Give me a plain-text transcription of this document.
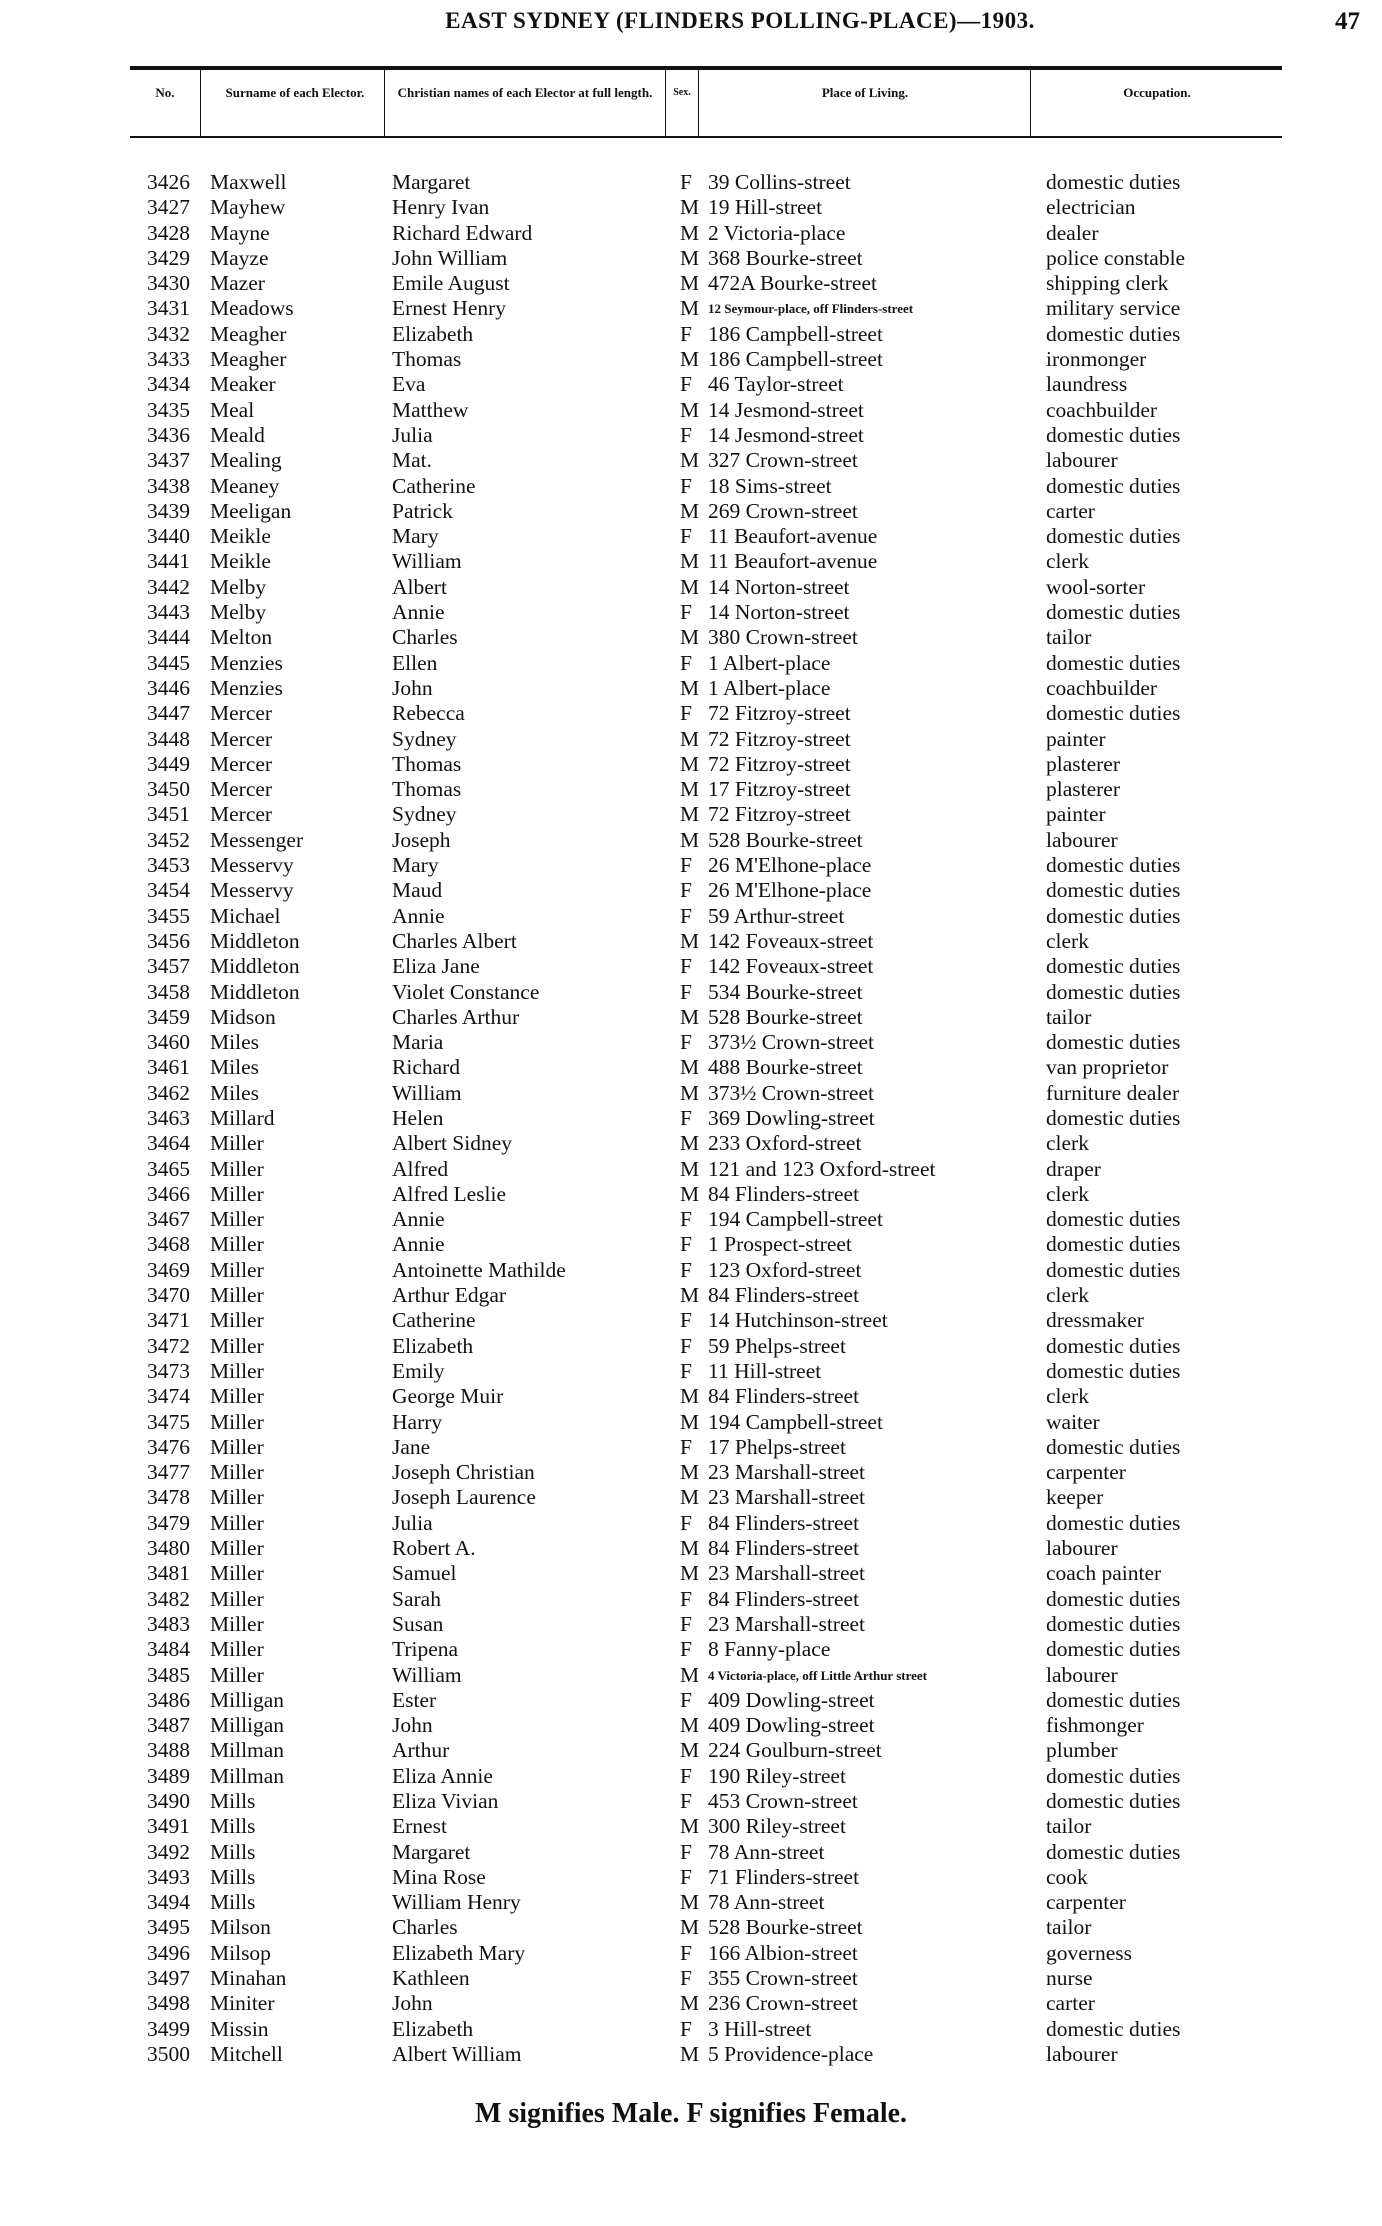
EAST SYDNEY (FLINDERS POLLING-PLACE)—1903.	47
No.	Surname of each Elector.	Christian names of each Elector at full length.	Sex.	Place of Living.	Occupation.
3426 Maxwell	Margaret	F 39 Collins-street	domestic duties
3427 Mayhew	Henry Ivan	M 19 Hill-street	electrician
3428 Mayne	Richard Edward	M 2 Victoria-place	dealer
3429 Mayze	John William	M 368 Bourke-street	police constable
3430 Mazer	Emile August	M 472A Bourke-street	shipping clerk
3431 Meadows	Ernest Henry	M 12 Seymour-place, off Flinders-street	military service
3432 Meagher	Elizabeth	F 186 Campbell-street	domestic duties
3433 Meagher	Thomas	M 186 Campbell-street	ironmonger
3434 Meaker	Eva	F 46 Taylor-street	laundress
3435 Meal	Matthew	M 14 Jesmond-street	coachbuilder
3436 Meald	Julia	F 14 Jesmond-street	domestic duties
3437 Mealing	Mat.	M 327 Crown-street	labourer
3438 Meaney	Catherine	F 18 Sims-street	domestic duties
3439 Meeligan	Patrick	M 269 Crown-street	carter
3440 Meikle	Mary	F 11 Beaufort-avenue	domestic duties
3441 Meikle	William	M 11 Beaufort-avenue	clerk
3442 Melby	Albert	M 14 Norton-street	wool-sorter
3443 Melby	Annie	F 14 Norton-street	domestic duties
3444 Melton	Charles	M 380 Crown-street	tailor
3445 Menzies	Ellen	F 1 Albert-place	domestic duties
3446 Menzies	John	M 1 Albert-place	coachbuilder
3447 Mercer	Rebecca	F 72 Fitzroy-street	domestic duties
3448 Mercer	Sydney	M 72 Fitzroy-street	painter
3449 Mercer	Thomas	M 72 Fitzroy-street	plasterer
3450 Mercer	Thomas	M 17 Fitzroy-street	plasterer
3451 Mercer	Sydney	M 72 Fitzroy-street	painter
3452 Messenger	Joseph	M 528 Bourke-street	labourer
3453 Messervy	Mary	F 26 M'Elhone-place	domestic duties
3454 Messervy	Maud	F 26 M'Elhone-place	domestic duties
3455 Michael	Annie	F 59 Arthur-street	domestic duties
3456 Middleton	Charles Albert	M 142 Foveaux-street	clerk
3457 Middleton	Eliza Jane	F 142 Foveaux-street	domestic duties
3458 Middleton	Violet Constance	F 534 Bourke-street	domestic duties
3459 Midson	Charles Arthur	M 528 Bourke-street	tailor
3460 Miles	Maria	F 373½ Crown-street	domestic duties
3461 Miles	Richard	M 488 Bourke-street	van proprietor
3462 Miles	William	M 373½ Crown-street	furniture dealer
3463 Millard	Helen	F 369 Dowling-street	domestic duties
3464 Miller	Albert Sidney	M 233 Oxford-street	clerk
3465 Miller	Alfred	M 121 and 123 Oxford-street	draper
3466 Miller	Alfred Leslie	M 84 Flinders-street	clerk
3467 Miller	Annie	F 194 Campbell-street	domestic duties
3468 Miller	Annie	F 1 Prospect-street	domestic duties
3469 Miller	Antoinette Mathilde	F 123 Oxford-street	domestic duties
3470 Miller	Arthur Edgar	M 84 Flinders-street	clerk
3471 Miller	Catherine	F 14 Hutchinson-street	dressmaker
3472 Miller	Elizabeth	F 59 Phelps-street	domestic duties
3473 Miller	Emily	F 11 Hill-street	domestic duties
3474 Miller	George Muir	M 84 Flinders-street	clerk
3475 Miller	Harry	M 194 Campbell-street	waiter
3476 Miller	Jane	F 17 Phelps-street	domestic duties
3477 Miller	Joseph Christian	M 23 Marshall-street	carpenter
3478 Miller	Joseph Laurence	M 23 Marshall-street	keeper
3479 Miller	Julia	F 84 Flinders-street	domestic duties
3480 Miller	Robert A.	M 84 Flinders-street	labourer
3481 Miller	Samuel	M 23 Marshall-street	coach painter
3482 Miller	Sarah	F 84 Flinders-street	domestic duties
3483 Miller	Susan	F 23 Marshall-street	domestic duties
3484 Miller	Tripena	F 8 Fanny-place	domestic duties
3485 Miller	William	M 4 Victoria-place, off Little Arthur street	labourer
3486 Milligan	Ester	F 409 Dowling-street	domestic duties
3487 Milligan	John	M 409 Dowling-street	fishmonger
3488 Millman	Arthur	M 224 Goulburn-street	plumber
3489 Millman	Eliza Annie	F 190 Riley-street	domestic duties
3490 Mills	Eliza Vivian	F 453 Crown-street	domestic duties
3491 Mills	Ernest	M 300 Riley-street	tailor
3492 Mills	Margaret	F 78 Ann-street	domestic duties
3493 Mills	Mina Rose	F 71 Flinders-street	cook
3494 Mills	William Henry	M 78 Ann-street	carpenter
3495 Milson	Charles	M 528 Bourke-street	tailor
3496 Milsop	Elizabeth Mary	F 166 Albion-street	governess
3497 Minahan	Kathleen	F 355 Crown-street	nurse
3498 Miniter	John	M 236 Crown-street	carter
3499 Missin	Elizabeth	F 3 Hill-street	domestic duties
3500 Mitchell	Albert William	M 5 Providence-place	labourer
M signifies Male. F signifies Female.
